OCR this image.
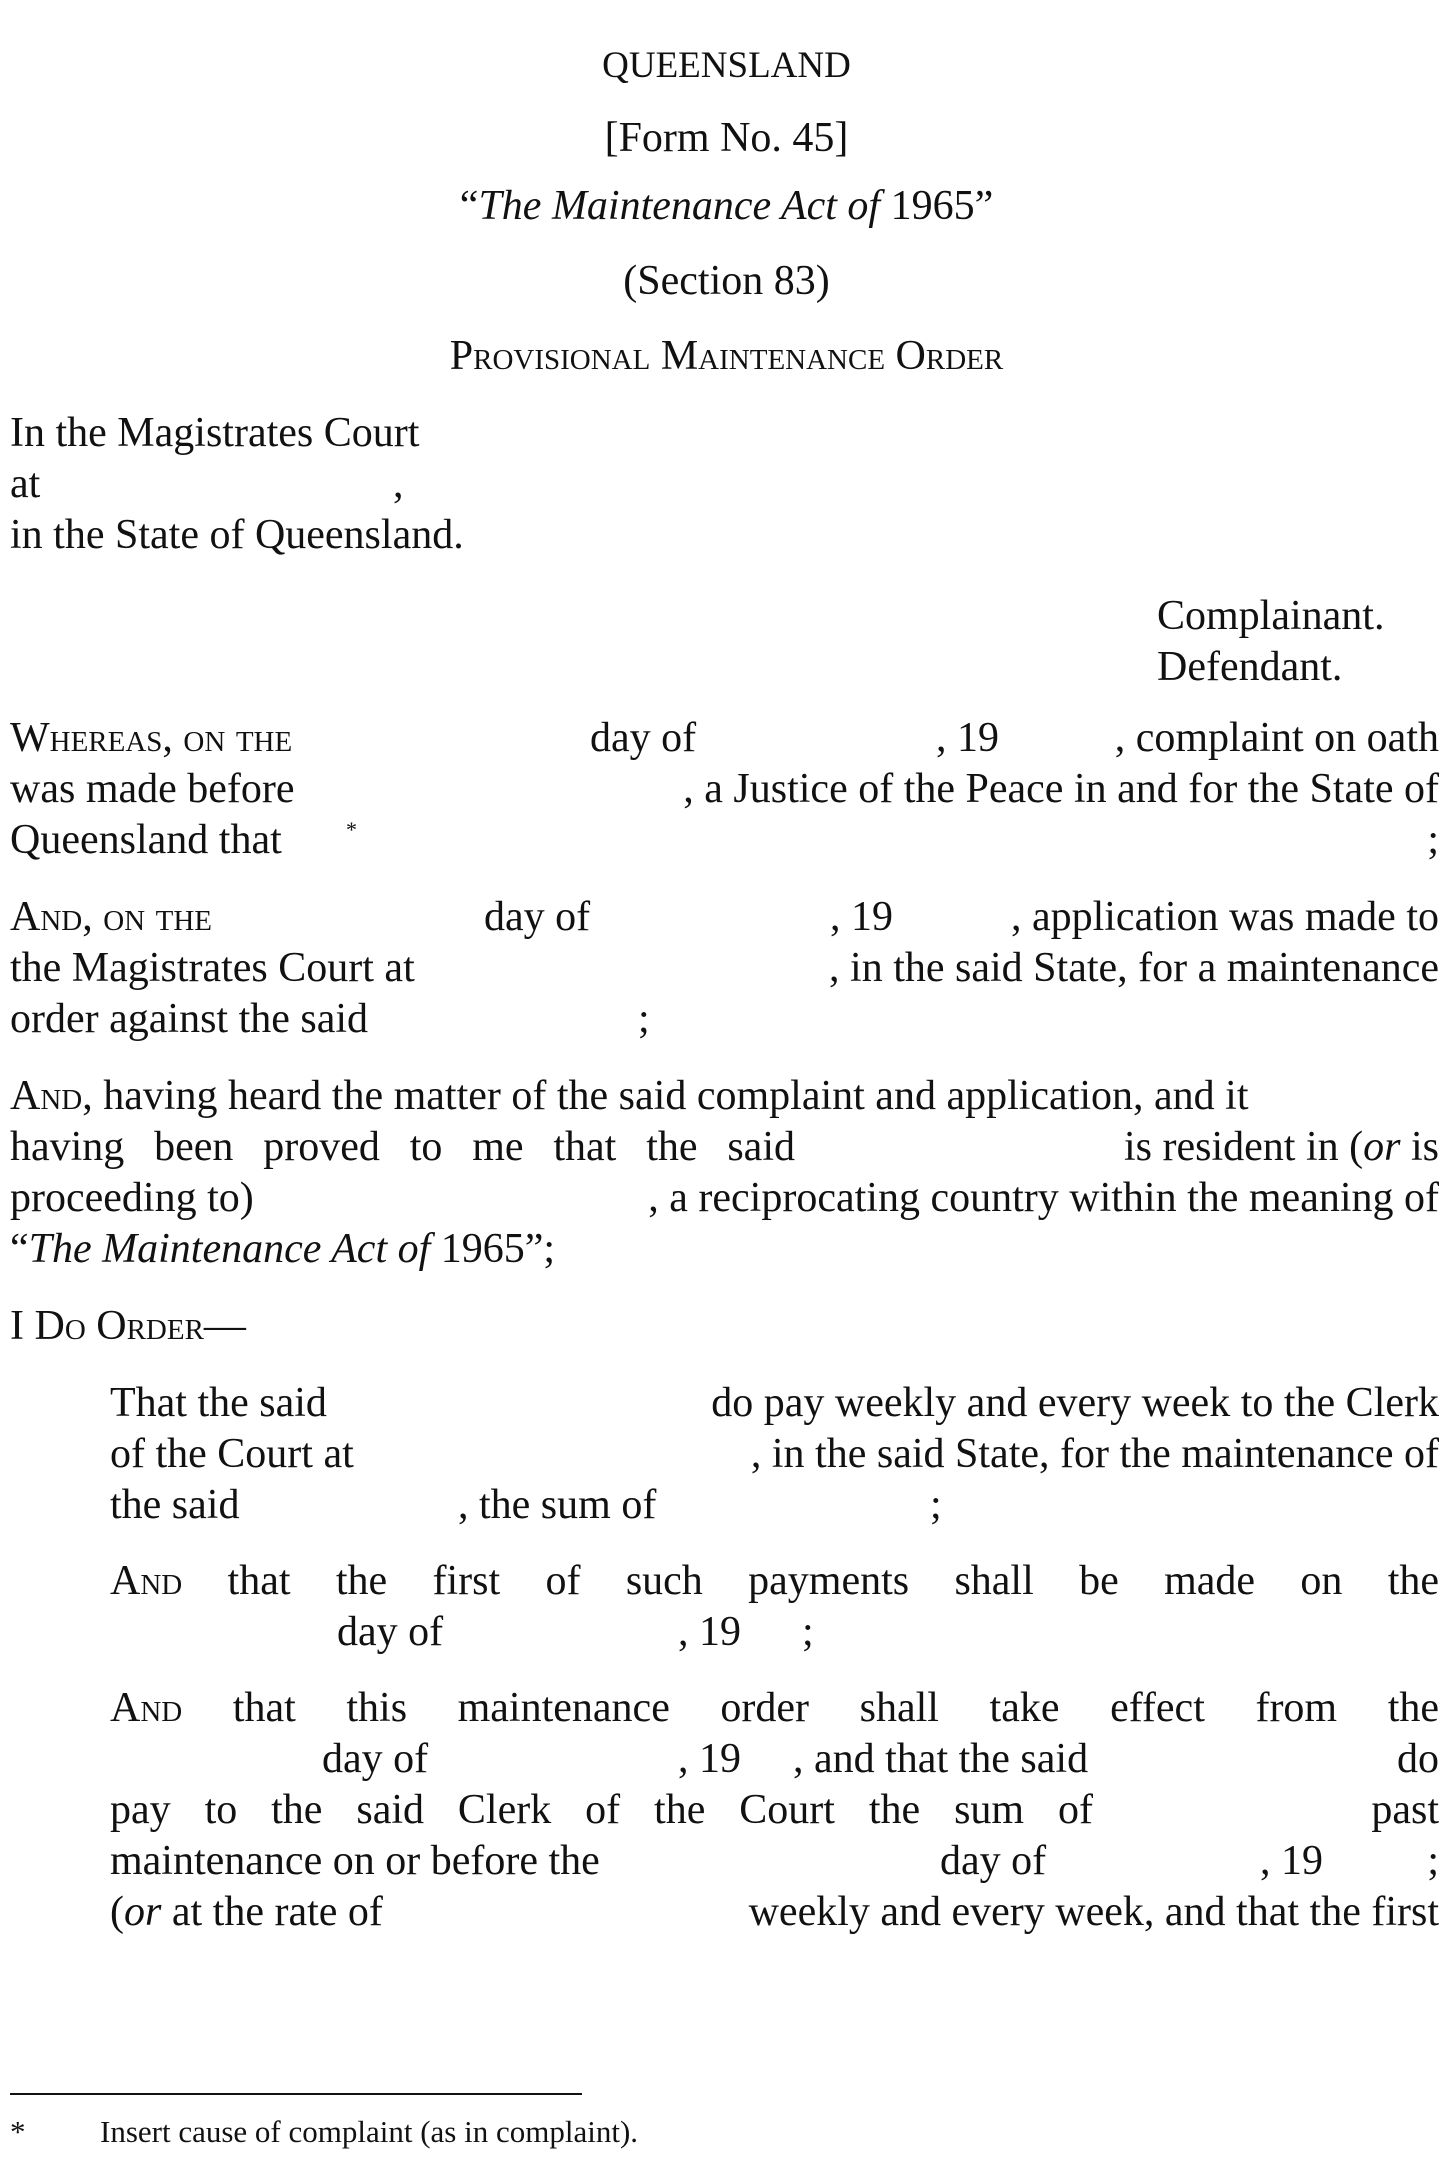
QUEENSLAND
[Form No. 45]
“The Maintenance Act of 1965”
(Section 83)
Provisional Maintenance Order
In the Magistrates Court
at	,
in the State of Queensland.
Complainant.
Defendant.
Whereas, on the	day of	, 19	, complaint on oath
was made before	, a Justice of the Peace in and for the State of
Queensland that	*	;
And, on the	day of	, 19	, application was made to
the Magistrates Court at	, in the said State, for a maintenance
order against the said	;
And, having heard the matter of the said complaint and application, and it
having been proved to me that the said	is resident in (or is
proceeding to)	, a reciprocating country within the meaning of
“The Maintenance Act of 1965”;
I Do Order—
That the said	do pay weekly and every week to the Clerk
of the Court at	, in the said State, for the maintenance of
the said	, the sum of	;
And that the first of such payments shall be made on the
day of	, 19 ;
And that this maintenance order shall take effect from the
day of	, 19 , and that the said	do
pay to the said Clerk of the Court the sum of	past
maintenance on or before the	day of	, 19 ;
(or at the rate of	weekly and every week, and that the first
* Insert cause of complaint (as in complaint).
